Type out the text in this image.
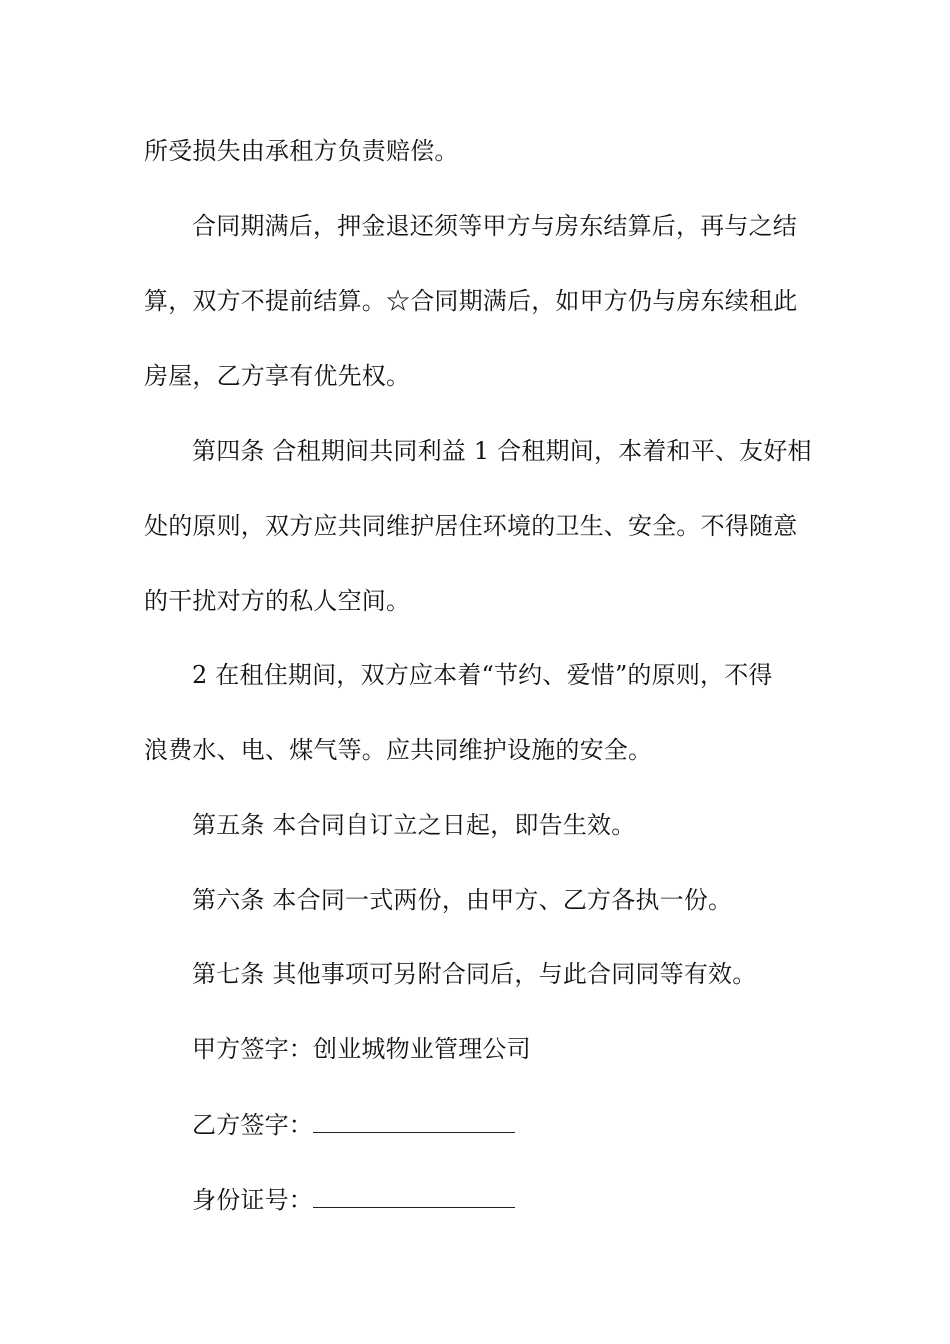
所受损失由承租方负责赔偿。
合同期满后，押金退还须等甲方与房东结算后，再与之结
算，双方不提前结算。☆合同期满后，如甲方仍与房东续租此
房屋，乙方享有优先权。
第四条 合租期间共同利益 1 合租期间，本着和平、友好相
处的原则，双方应共同维护居住环境的卫生、安全。不得随意
的干扰对方的私人空间。
2 在租住期间，双方应本着“节约、爱惜”的原则，不得
浪费水、电、煤气等。应共同维护设施的安全。
第五条 本合同自订立之日起，即告生效。
第六条 本合同一式两份，由甲方、乙方各执一份。
第七条 其他事项可另附合同后，与此合同同等有效。
甲方签字：创业城物业管理公司
乙方签字：
身份证号：
